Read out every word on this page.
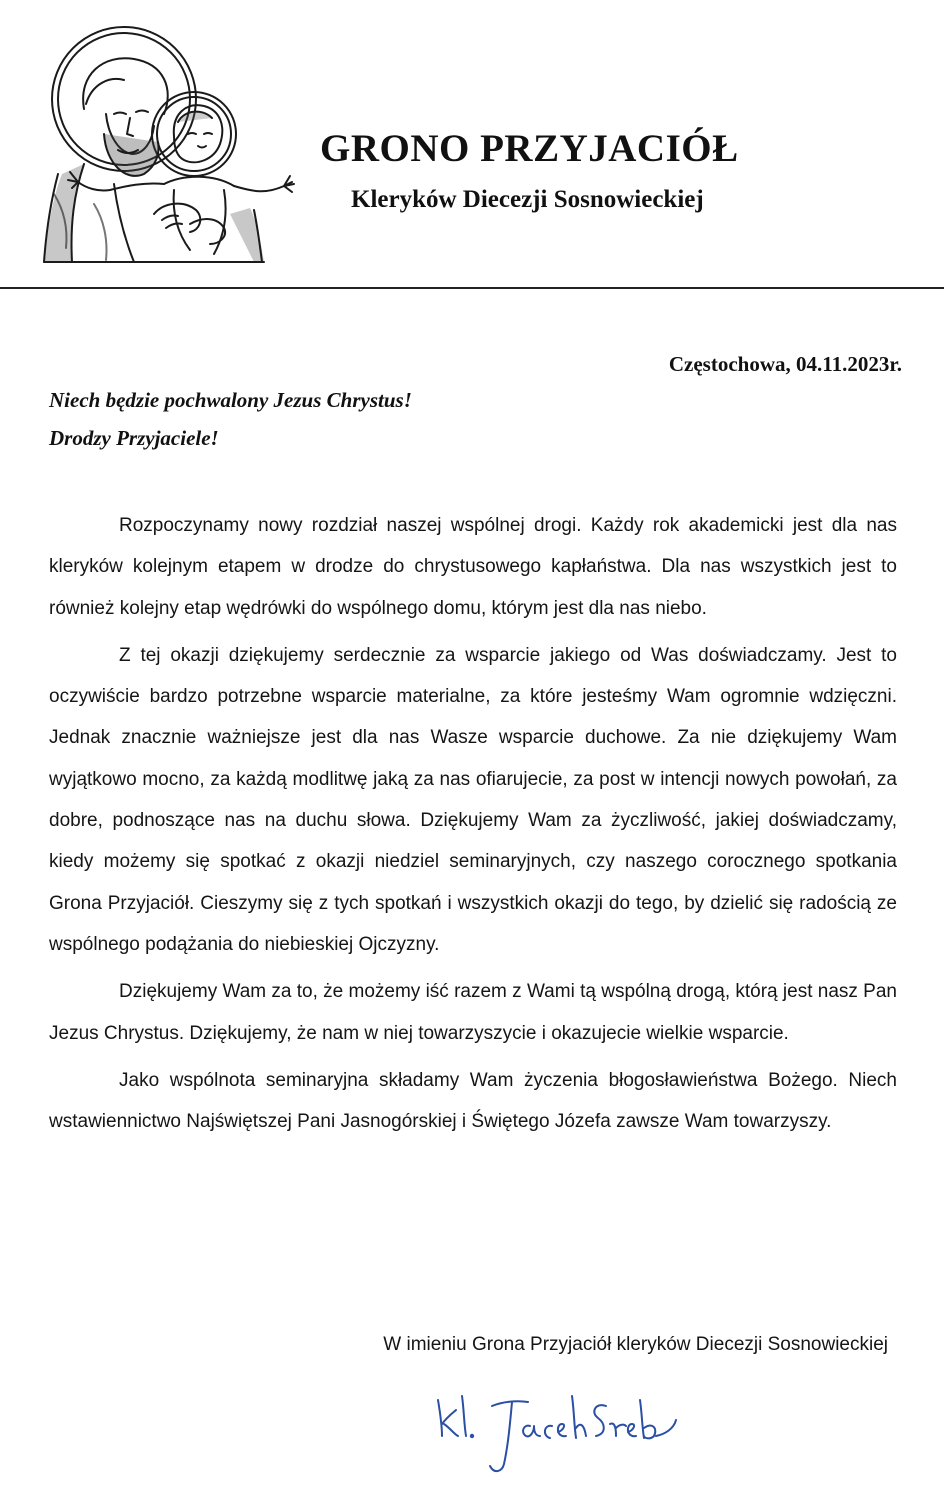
GRONO PRZYJACIÓŁ
Kleryków Diecezji Sosnowieckiej
Częstochowa, 04.11.2023r.
Niech będzie pochwalony Jezus Chrystus!
Drodzy Przyjaciele!

Rozpoczynamy nowy rozdział naszej wspólnej drogi. Każdy rok akademicki jest dla nas kleryków kolejnym etapem w drodze do chrystusowego kapłaństwa. Dla nas wszystkich jest to również kolejny etap wędrówki do wspólnego domu, którym jest dla nas niebo.

Z tej okazji dziękujemy serdecznie za wsparcie jakiego od Was doświadczamy. Jest to oczywiście bardzo potrzebne wsparcie materialne, za które jesteśmy Wam ogromnie wdzięczni. Jednak znacznie ważniejsze jest dla nas Wasze wsparcie duchowe. Za nie dziękujemy Wam wyjątkowo mocno, za każdą modlitwę jaką za nas ofiarujecie, za post w intencji nowych powołań, za dobre, podnoszące nas na duchu słowa. Dziękujemy Wam za życzliwość, jakiej doświadczamy, kiedy możemy się spotkać z okazji niedziel seminaryjnych, czy naszego corocznego spotkania Grona Przyjaciół. Cieszymy się z tych spotkań i wszystkich okazji do tego, by dzielić się radością ze wspólnego podążania do niebieskiej Ojczyzny.

Dziękujemy Wam za to, że możemy iść razem z Wami tą wspólną drogą, którą jest nasz Pan Jezus Chrystus. Dziękujemy, że nam w niej towarzyszycie i okazujecie wielkie wsparcie.

Jako wspólnota seminaryjna składamy Wam życzenia błogosławieństwa Bożego. Niech wstawiennictwo Najświętszej Pani Jasnogórskiej i Świętego Józefa zawsze Wam towarzyszy.

W imieniu Grona Przyjaciół kleryków Diecezji Sosnowieckiej
